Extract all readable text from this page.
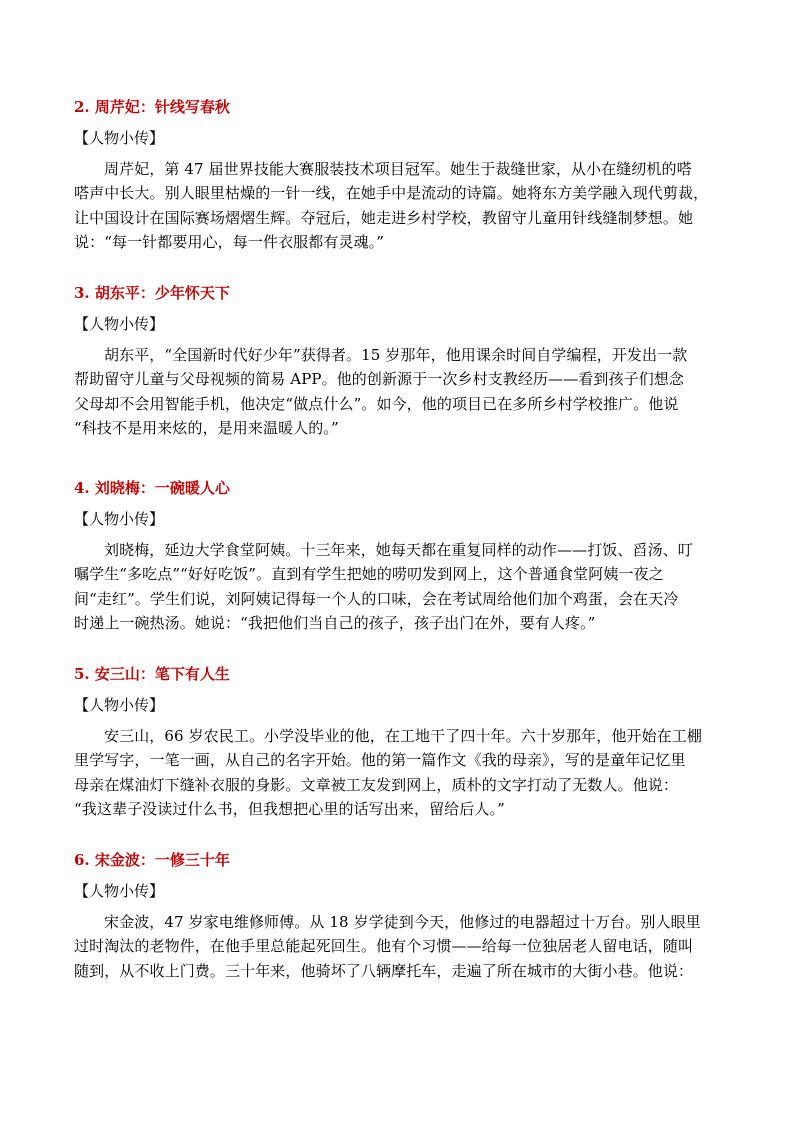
2. 周芹妃：针线写春秋
【人物小传】
周芹妃，第 47 届世界技能大赛服装技术项目冠军。她生于裁缝世家，从小在缝纫机的嗒
嗒声中长大。别人眼里枯燥的一针一线，在她手中是流动的诗篇。她将东方美学融入现代剪裁，
让中国设计在国际赛场熠熠生辉。夺冠后，她走进乡村学校，教留守儿童用针线缝制梦想。她
说：“每一针都要用心，每一件衣服都有灵魂。”
3. 胡东平：少年怀天下
【人物小传】
胡东平，“全国新时代好少年”获得者。15 岁那年，他用课余时间自学编程，开发出一款
帮助留守儿童与父母视频的简易 APP。他的创新源于一次乡村支教经历——看到孩子们想念
父母却不会用智能手机，他决定“做点什么”。如今，他的项目已在多所乡村学校推广。他说
“科技不是用来炫的，是用来温暖人的。”
4. 刘晓梅：一碗暖人心
【人物小传】
刘晓梅，延边大学食堂阿姨。十三年来，她每天都在重复同样的动作——打饭、舀汤、叮
嘱学生“多吃点”“好好吃饭”。直到有学生把她的唠叨发到网上，这个普通食堂阿姨一夜之
间“走红”。学生们说，刘阿姨记得每一个人的口味，会在考试周给他们加个鸡蛋，会在天冷
时递上一碗热汤。她说：“我把他们当自己的孩子，孩子出门在外，要有人疼。”
5. 安三山：笔下有人生
【人物小传】
安三山，66 岁农民工。小学没毕业的他，在工地干了四十年。六十岁那年，他开始在工棚
里学写字，一笔一画，从自己的名字开始。他的第一篇作文《我的母亲》，写的是童年记忆里
母亲在煤油灯下缝补衣服的身影。文章被工友发到网上，质朴的文字打动了无数人。他说：
“我这辈子没读过什么书，但我想把心里的话写出来，留给后人。”
6. 宋金波：一修三十年
【人物小传】
宋金波，47 岁家电维修师傅。从 18 岁学徒到今天，他修过的电器超过十万台。别人眼里
过时淘汰的老物件，在他手里总能起死回生。他有个习惯——给每一位独居老人留电话，随叫
随到，从不收上门费。三十年来，他骑坏了八辆摩托车，走遍了所在城市的大街小巷。他说：
